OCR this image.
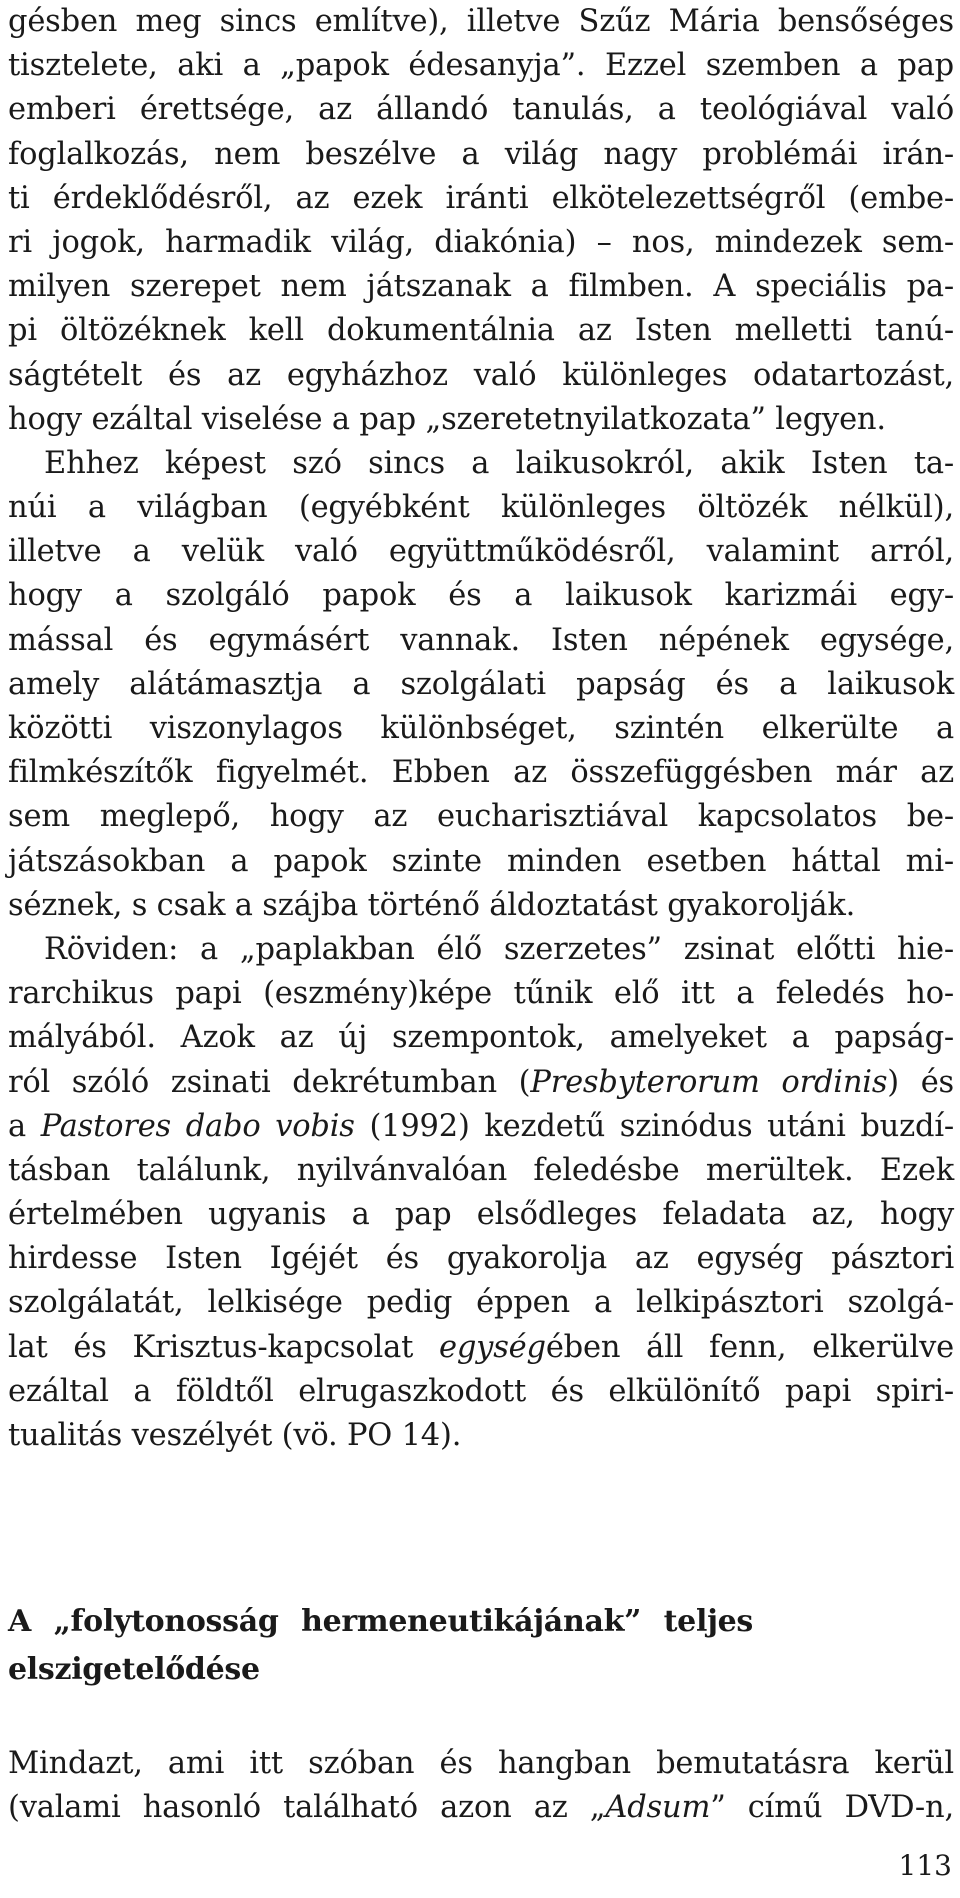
gésben meg sincs említve), illetve Szűz Mária bensőséges
tisztelete, aki a „papok édesanyja”. Ezzel szemben a pap
emberi érettsége, az állandó tanulás, a teológiával való
foglalkozás, nem beszélve a világ nagy problémái irán-
ti érdeklődésről, az ezek iránti elkötelezettségről (embe-
ri jogok, harmadik világ, diakónia) – nos, mindezek sem-
milyen szerepet nem játszanak a filmben. A speciális pa-
pi öltözéknek kell dokumentálnia az Isten melletti tanú-
ságtételt és az egyházhoz való különleges odatartozást,
hogy ezáltal viselése a pap „szeretetnyilatkozata” legyen.
Ehhez képest szó sincs a laikusokról, akik Isten ta-
núi a világban (egyébként különleges öltözék nélkül),
illetve a velük való együttműködésről, valamint arról,
hogy a szolgáló papok és a laikusok karizmái egy-
mással és egymásért vannak. Isten népének egysége,
amely alátámasztja a szolgálati papság és a laikusok
közötti viszonylagos különbséget, szintén elkerülte a
filmkészítők figyelmét. Ebben az összefüggésben már az
sem meglepő, hogy az eucharisztiával kapcsolatos be-
játszásokban a papok szinte minden esetben háttal mi-
séznek, s csak a szájba történő áldoztatást gyakorolják.
Röviden: a „paplakban élő szerzetes” zsinat előtti hie-
rarchikus papi (eszmény)képe tűnik elő itt a feledés ho-
mályából. Azok az új szempontok, amelyeket a papság-
ról szóló zsinati dekrétumban (Presbyterorum ordinis) és
a Pastores dabo vobis (1992) kezdetű szinódus utáni buzdí-
tásban találunk, nyilvánvalóan feledésbe merültek. Ezek
értelmében ugyanis a pap elsődleges feladata az, hogy
hirdesse Isten Igéjét és gyakorolja az egység pásztori
szolgálatát, lelkisége pedig éppen a lelkipásztori szolgá-
lat és Krisztus-kapcsolat egységében áll fenn, elkerülve
ezáltal a földtől elrugaszkodott és elkülönítő papi spiri-
tualitás veszélyét (vö. PO 14).
A „folytonosság hermeneutikájának” teljes
elszigetelődése
Mindazt, ami itt szóban és hangban bemutatásra kerül
(valami hasonló található azon az „Adsum” című DVD-n,
113
